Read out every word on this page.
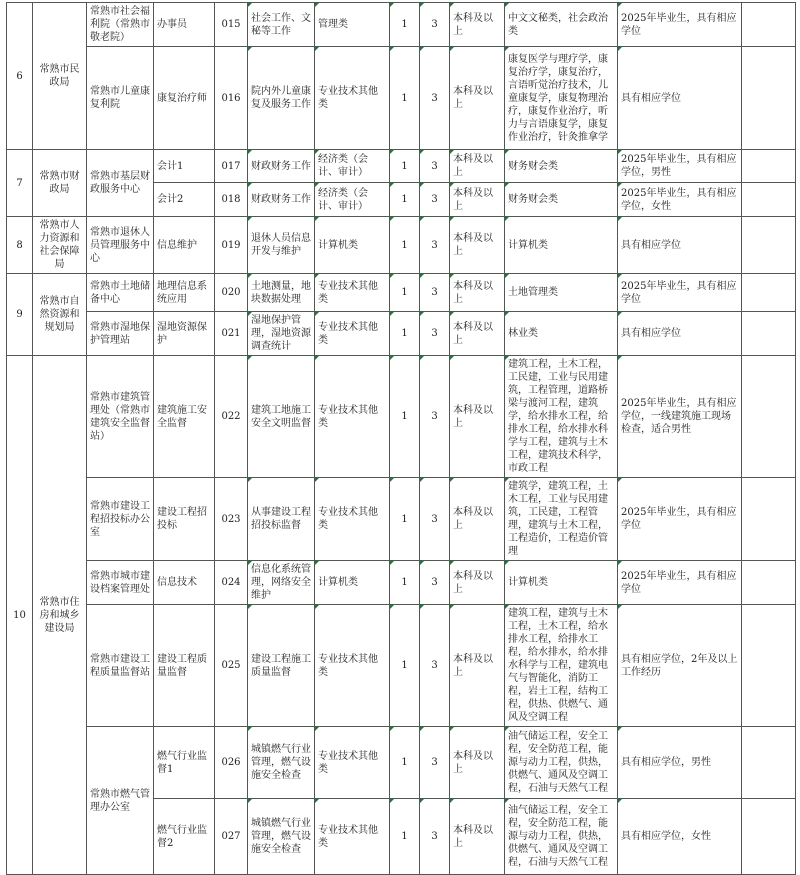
6	常熟市民政局	常熟市社会福利院（常熟市敬老院）	办事员	015	社会工作、文秘等工作	管理类	1	3	本科及以上	中文文秘类，社会政治类	2025年毕业生，具有相应学位	
		常熟市儿童康复利院	康复治疗师	016	院内外儿童康复及服务工作	专业技术其他类	1	3	本科及以上	康复医学与理疗学，康复治疗学，康复治疗，言语听觉治疗技术，儿童康复学，康复物理治疗，康复作业治疗，听力与言语康复学，康复作业治疗，针灸推拿学	具有相应学位	
7	常熟市财政局	常熟市基层财政服务中心	会计1	017	财政财务工作	经济类（会计、审计）	1	3	本科及以上	财务财会类	2025年毕业生，具有相应学位，男性	
			会计2	018	财政财务工作	经济类（会计、审计）	1	3	本科及以上	财务财会类	2025年毕业生，具有相应学位，女性	
8	常熟市人力资源和社会保障局	常熟市退休人员管理服务中心	信息维护	019	退休人员信息开发与维护	计算机类	1	3	本科及以上	计算机类	具有相应学位	
9	常熟市自然资源和规划局	常熟市土地储备中心	地理信息系统应用	020	土地测量，地块数据处理	专业技术其他类	1	3	本科及以上	土地管理类	2025年毕业生，具有相应学位	
		常熟市湿地保护管理站	湿地资源保护	021	湿地保护管理，湿地资源调查统计	专业技术其他类	1	3	本科及以上	林业类	具有相应学位	
10	常熟市住房和城乡建设局	常熟市建筑管理处（常熟市建筑安全监督站）	建筑施工安全监督	022	建筑工地施工安全文明监督	专业技术其他类	1	3	本科及以上	建筑工程，土木工程，工民建，工业与民用建筑，工程管理，道路桥梁与渡河工程，建筑学，给水排水工程，给排水工程，给水排水科学与工程，建筑与土木工程，建筑技术科学，市政工程	2025年毕业生，具有相应学位，一线建筑施工现场检查，适合男性	
		常熟市建设工程招投标办公室	建设工程招投标	023	从事建设工程招投标监督	专业技术其他类	1	3	本科及以上	建筑学，建筑工程，土木工程，工业与民用建筑，工民建，工程管理，建筑与土木工程，工程造价，工程造价管理	2025年毕业生，具有相应学位	
		常熟市城市建设档案管理处	信息技术	024	信息化系统管理，网络安全维护	计算机类	1	3	本科及以上	计算机类	2025年毕业生，具有相应学位	
		常熟市建设工程质量监督站	建设工程质量监督	025	建设工程施工质量监督	专业技术其他类	1	3	本科及以上	建筑工程，建筑与土木工程，土木工程，给水排水工程，给排水工程，给水排水，给水排水科学与工程，建筑电气与智能化，消防工程，岩土工程，结构工程，供热、供燃气、通风及空调工程	具有相应学位，2年及以上工作经历	
		常熟市燃气管理办公室	燃气行业监督1	026	城镇燃气行业管理，燃气设施安全检查	专业技术其他类	1	3	本科及以上	油气储运工程，安全工程，安全防范工程，能源与动力工程，供热，供燃气、通风及空调工程，石油与天然气工程	具有相应学位，男性	
			燃气行业监督2	027	城镇燃气行业管理，燃气设施安全检查	专业技术其他类	1	3	本科及以上	油气储运工程，安全工程，安全防范工程，能源与动力工程，供热，供燃气、通风及空调工程，石油与天然气工程	具有相应学位，女性	
